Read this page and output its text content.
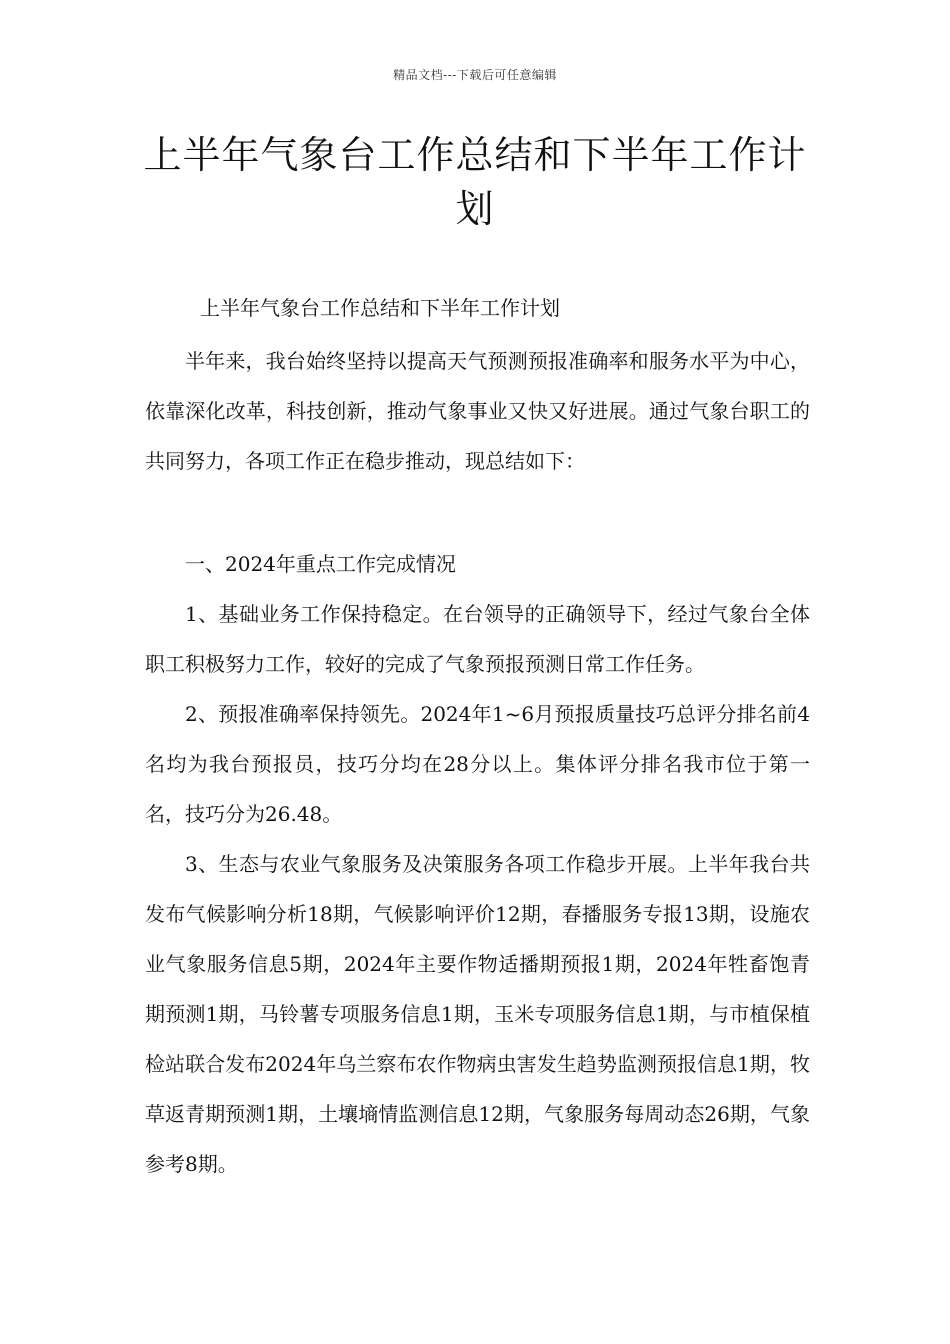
精品文档---下载后可任意编辑
上半年气象台工作总结和下半年工作计划

上半年气象台工作总结和下半年工作计划

半年来，我台始终坚持以提高天气预测预报准确率和服务水平为中心，依靠深化改革，科技创新，推动气象事业又快又好进展。通过气象台职工的共同努力，各项工作正在稳步推动，现总结如下：

一、2024年重点工作完成情况

1、基础业务工作保持稳定。在台领导的正确领导下，经过气象台全体职工积极努力工作，较好的完成了气象预报预测日常工作任务。

2、预报准确率保持领先。2024年1~6月预报质量技巧总评分排名前4名均为我台预报员，技巧分均在28分以上。集体评分排名我市位于第一名，技巧分为26.48。

3、生态与农业气象服务及决策服务各项工作稳步开展。上半年我台共发布气候影响分析18期，气候影响评价12期，春播服务专报13期，设施农业气象服务信息5期，2024年主要作物适播期预报1期，2024年牲畜饱青期预测1期，马铃薯专项服务信息1期，玉米专项服务信息1期，与市植保植检站联合发布2024年乌兰察布农作物病虫害发生趋势监测预报信息1期，牧草返青期预测1期，土壤墒情监测信息12期，气象服务每周动态26期，气象参考8期。
